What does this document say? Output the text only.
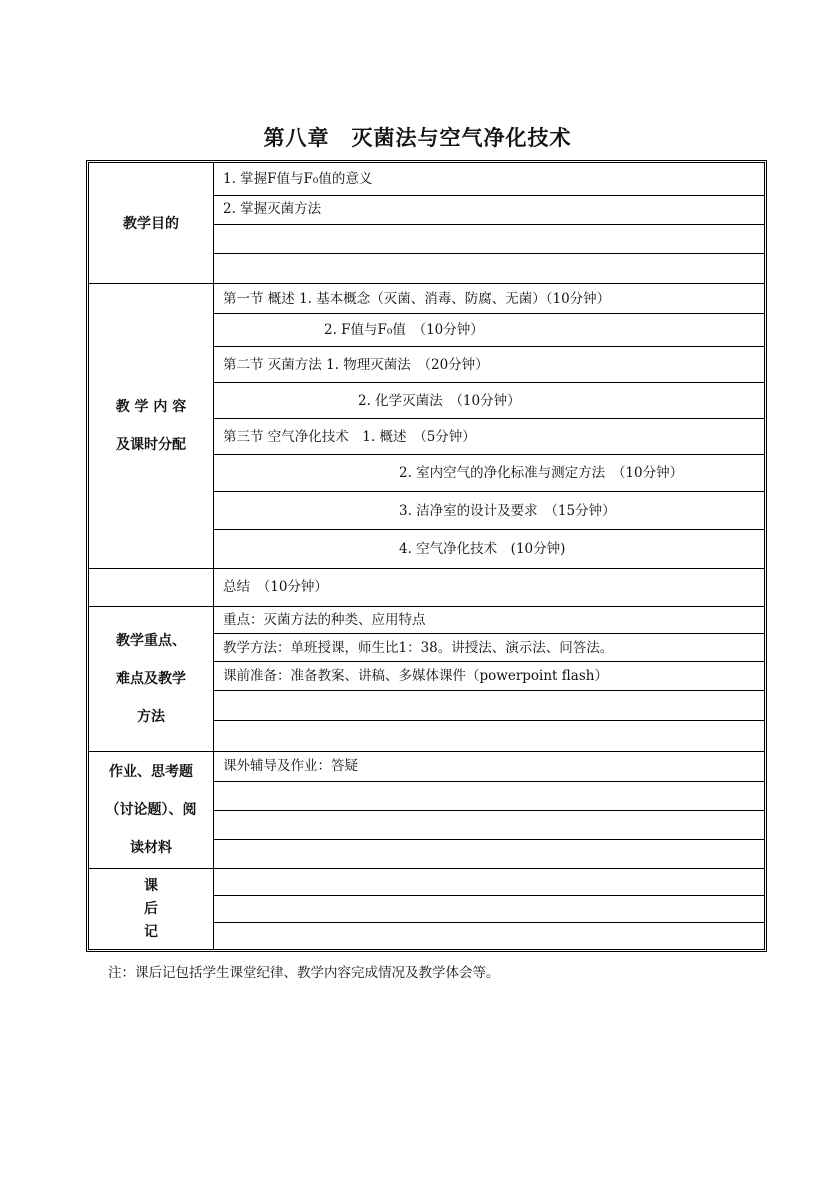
第八章　灭菌法与空气净化技术
教学目的
1. 掌握F值与F₀值的意义
2. 掌握灭菌方法
教 学 内 容
及课时分配
第一节 概述 1. 基本概念（灭菌、消毒、防腐、无菌）（10分钟）
2. F值与F₀值　（10分钟）
第二节 灭菌方法 1. 物理灭菌法　（20分钟）
2. 化学灭菌法　（10分钟）
第三节 空气净化技术　1. 概述　（5分钟）
2. 室内空气的净化标准与测定方法　（10分钟）
3. 洁净室的设计及要求　（15分钟）
4. 空气净化技术　(10分钟)
总结　（10分钟）
教学重点、
难点及教学
方法
重点：灭菌方法的种类、应用特点
教学方法：单班授课，师生比1：38。讲授法、演示法、问答法。
课前准备：准备教案、讲稿、多媒体课件（powerpoint flash）
作业、思考题
（讨论题）、阅
读材料
课外辅导及作业：答疑
课
后
记
注：课后记包括学生课堂纪律、教学内容完成情况及教学体会等。
